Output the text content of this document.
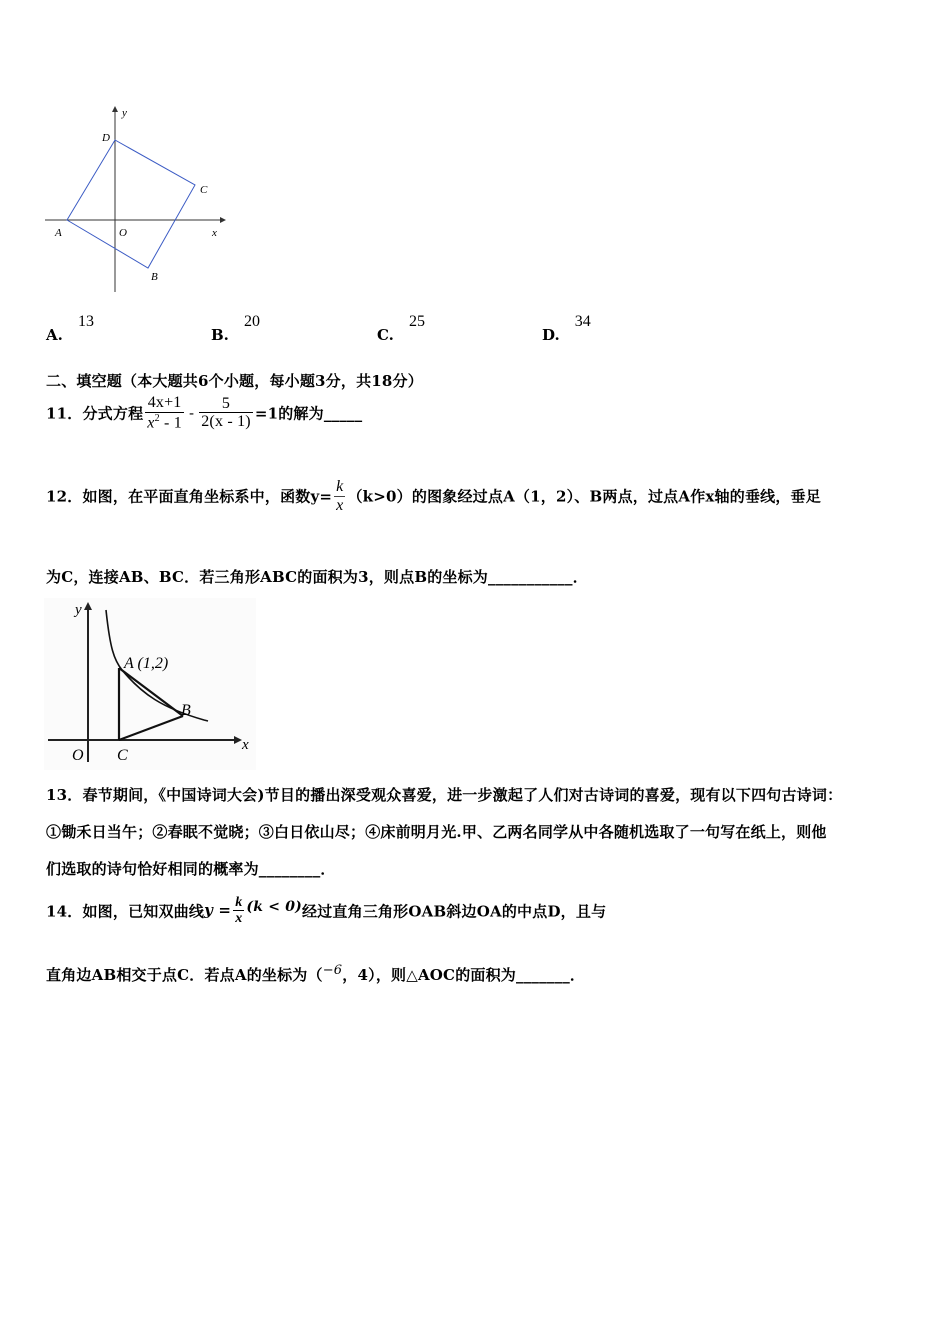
y
x
D
C
A	O
B
A. 13
B. 20
C. 25
D. 34
二、填空题（本大题共6个小题，每小题3分，共18分）
11．分式方程 $\frac{4x+1}{x^2 - 1} - \frac{5}{2(x - 1)} =1$的解为_____
12．如图，在平面直角坐标系中，函数$y= \frac{k}{x} (k>0)$的图象经过点A（1，2）、B两点，过点A作x轴的垂线，垂足
为C，连接AB、BC．若三角形ABC的面积为3，则点B的坐标为___________．
y
x
O C
B
A (1,2)
13．春节期间，《中国诗词大会)节目的播出深受观众喜爱，进一步激起了人们对古诗词的喜爱，现有以下四句古诗词：
①锄禾日当午；②春眠不觉晓；③白日依山尽；④床前明月光.甲、乙两名同学从中各随机选取了一句写在纸上，则他
们选取的诗句恰好相同的概率为________．
14．如图，已知双曲线$y = \frac{k}{x} (k < 0)$经过直角三角形OAB斜边OA的中点D，且与
直角边AB相交于点C．若点A的坐标为（−6，4），则△AOC的面积为_______．
